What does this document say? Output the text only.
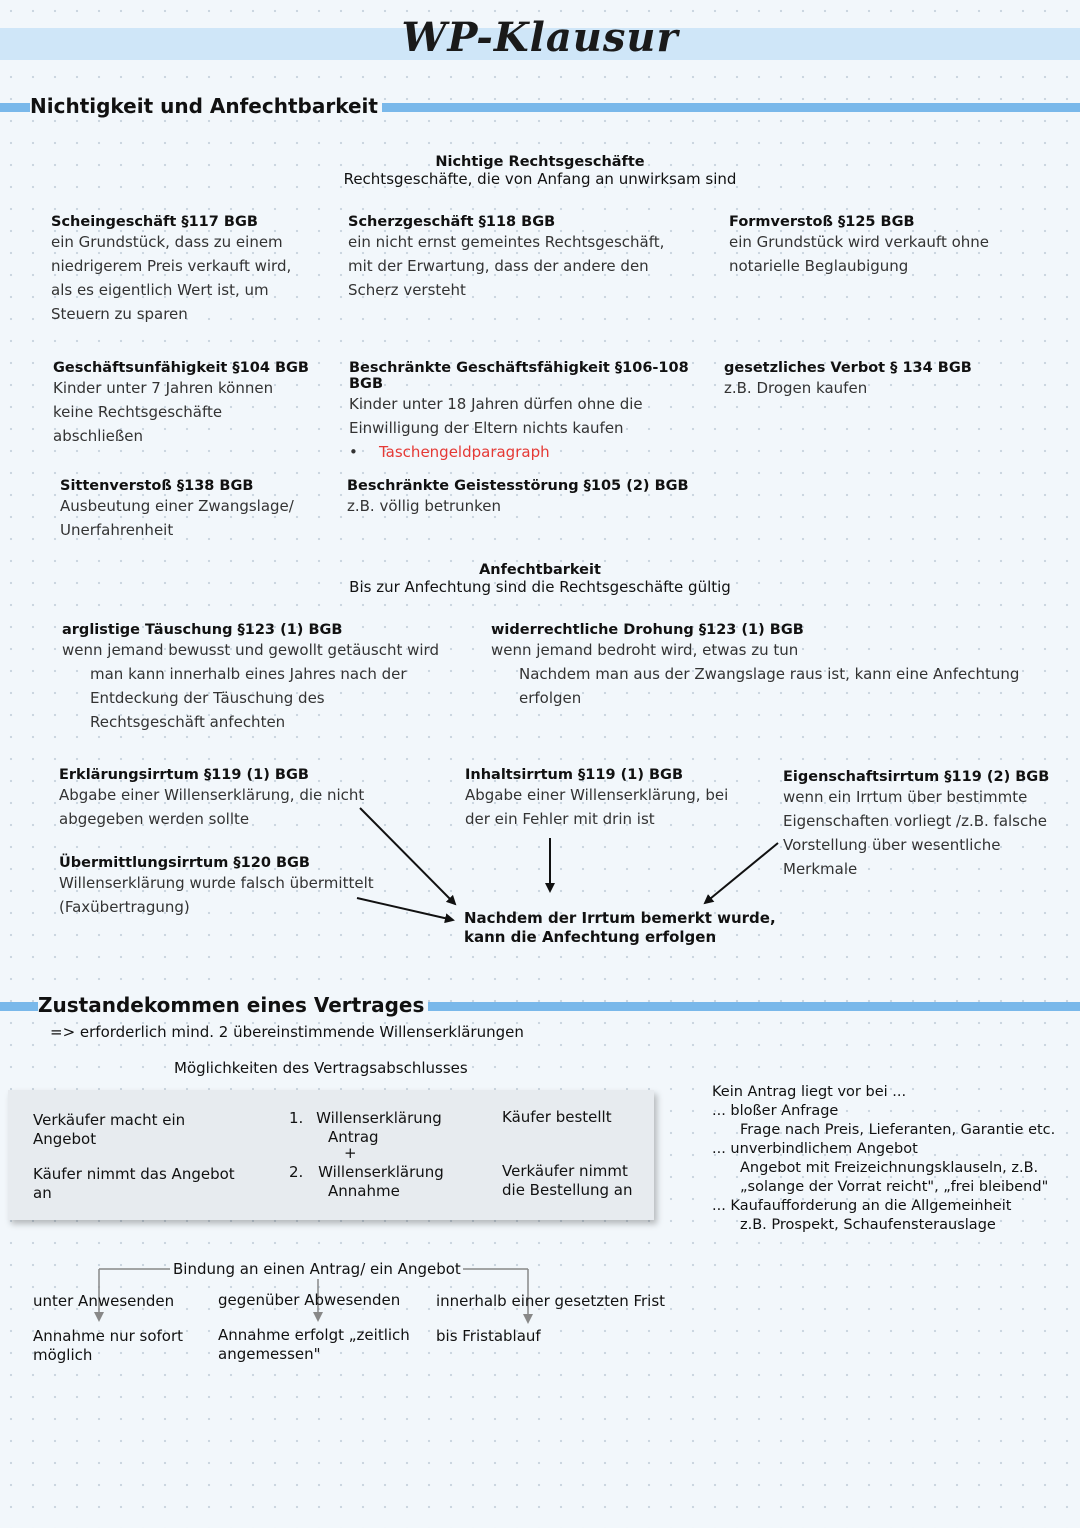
WP-Klausur
Nichtigkeit und Anfechtbarkeit
Nichtige Rechtsgeschäfte
Rechtsgeschäfte, die von Anfang an unwirksam sind
Scheingeschäft §117 BGB
ein Grundstück, dass zu einem
niedrigerem Preis verkauft wird,
als es eigentlich Wert ist, um
Steuern zu sparen
Scherzgeschäft §118 BGB
ein nicht ernst gemeintes Rechtsgeschäft,
mit der Erwartung, dass der andere den
Scherz versteht
Formverstoß §125 BGB
ein Grundstück wird verkauft ohne
notarielle Beglaubigung
Geschäftsunfähigkeit §104 BGB
Kinder unter 7 Jahren können
keine Rechtsgeschäfte
abschließen
Beschränkte Geschäftsfähigkeit §106-108 BGB
Kinder unter 18 Jahren dürfen ohne die
Einwilligung der Eltern nichts kaufen
• Taschengeldparagraph
gesetzliches Verbot § 134 BGB
z.B. Drogen kaufen
Sittenverstoß §138 BGB
Ausbeutung einer Zwangslage/
Unerfahrenheit
Beschränkte Geistesstörung §105 (2) BGB
z.B. völlig betrunken
Anfechtbarkeit
Bis zur Anfechtung sind die Rechtsgeschäfte gültig
arglistige Täuschung §123 (1) BGB
wenn jemand bewusst und gewollt getäuscht wird
man kann innerhalb eines Jahres nach der
Entdeckung der Täuschung des
Rechtsgeschäft anfechten
widerrechtliche Drohung §123 (1) BGB
wenn jemand bedroht wird, etwas zu tun
Nachdem man aus der Zwangslage raus ist, kann eine Anfechtung
erfolgen
Erklärungsirrtum §119 (1) BGB
Abgabe einer Willenserklärung, die nicht
abgegeben werden sollte
Inhaltsirrtum §119 (1) BGB
Abgabe einer Willenserklärung, bei
der ein Fehler mit drin ist
Eigenschaftsirrtum §119 (2) BGB
wenn ein Irrtum über bestimmte
Eigenschaften vorliegt /z.B. falsche
Vorstellung über wesentliche
Merkmale
Übermittlungsirrtum §120 BGB
Willenserklärung wurde falsch übermittelt
(Faxübertragung)
Nachdem der Irrtum bemerkt wurde,
kann die Anfechtung erfolgen
Zustandekommen eines Vertrages
=> erforderlich mind. 2 übereinstimmende Willenserklärungen
Möglichkeiten des Vertragsabschlusses
Verkäufer macht ein
Angebot
Käufer nimmt das Angebot
an
1. Willenserklärung
Antrag
+
2. Willenserklärung
Annahme
Käufer bestellt
Verkäufer nimmt
die Bestellung an
Kein Antrag liegt vor bei ...
... bloßer Anfrage
Frage nach Preis, Lieferanten, Garantie etc.
... unverbindlichem Angebot
Angebot mit Freizeichnungsklauseln, z.B.
„solange der Vorrat reicht", „frei bleibend"
... Kaufaufforderung an die Allgemeinheit
z.B. Prospekt, Schaufensterauslage
Bindung an einen Antrag/ ein Angebot
unter Anwesenden
Annahme nur sofort
möglich
gegenüber Abwesenden
Annahme erfolgt „zeitlich
angemessen"
innerhalb einer gesetzten Frist
bis Fristablauf
